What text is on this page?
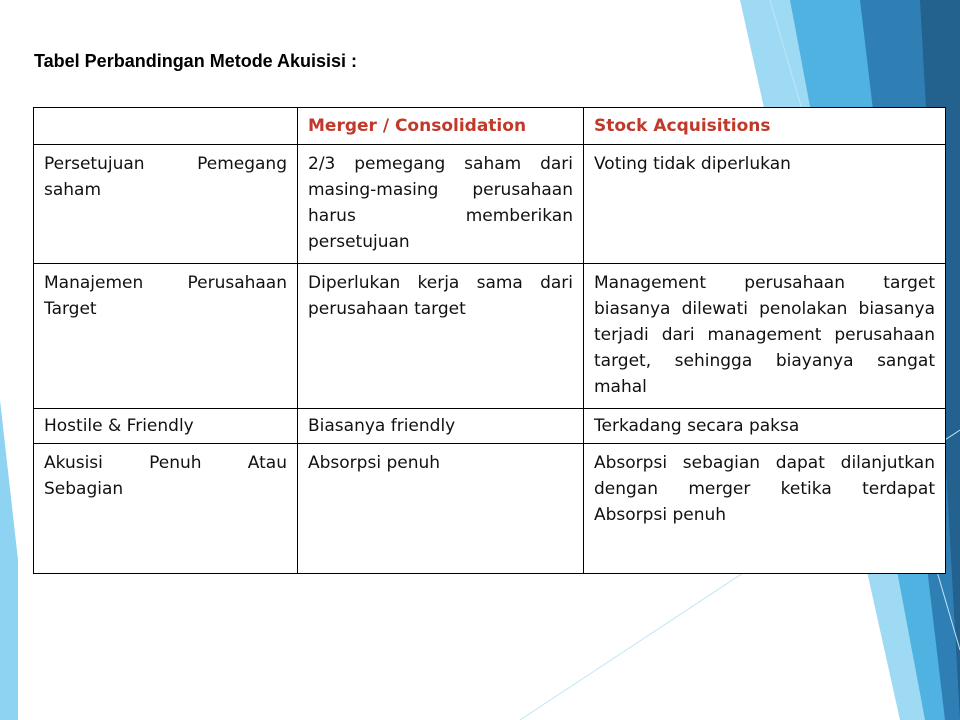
Tabel Perbandingan Metode Akuisisi :
	Merger / Consolidation	Stock Acquisitions
Persetujuan Pemegang saham	2/3 pemegang saham dari masing-masing perusahaan harus memberikan persetujuan	Voting tidak diperlukan
Manajemen Perusahaan Target	Diperlukan kerja sama dari perusahaan target	Management perusahaan target biasanya dilewati penolakan biasanya terjadi dari management perusahaan target, sehingga biayanya sangat mahal
Hostile & Friendly	Biasanya friendly	Terkadang secara paksa
Akusisi Penuh Atau Sebagian	Absorpsi penuh	Absorpsi sebagian dapat dilanjutkan dengan merger ketika terdapat Absorpsi penuh
